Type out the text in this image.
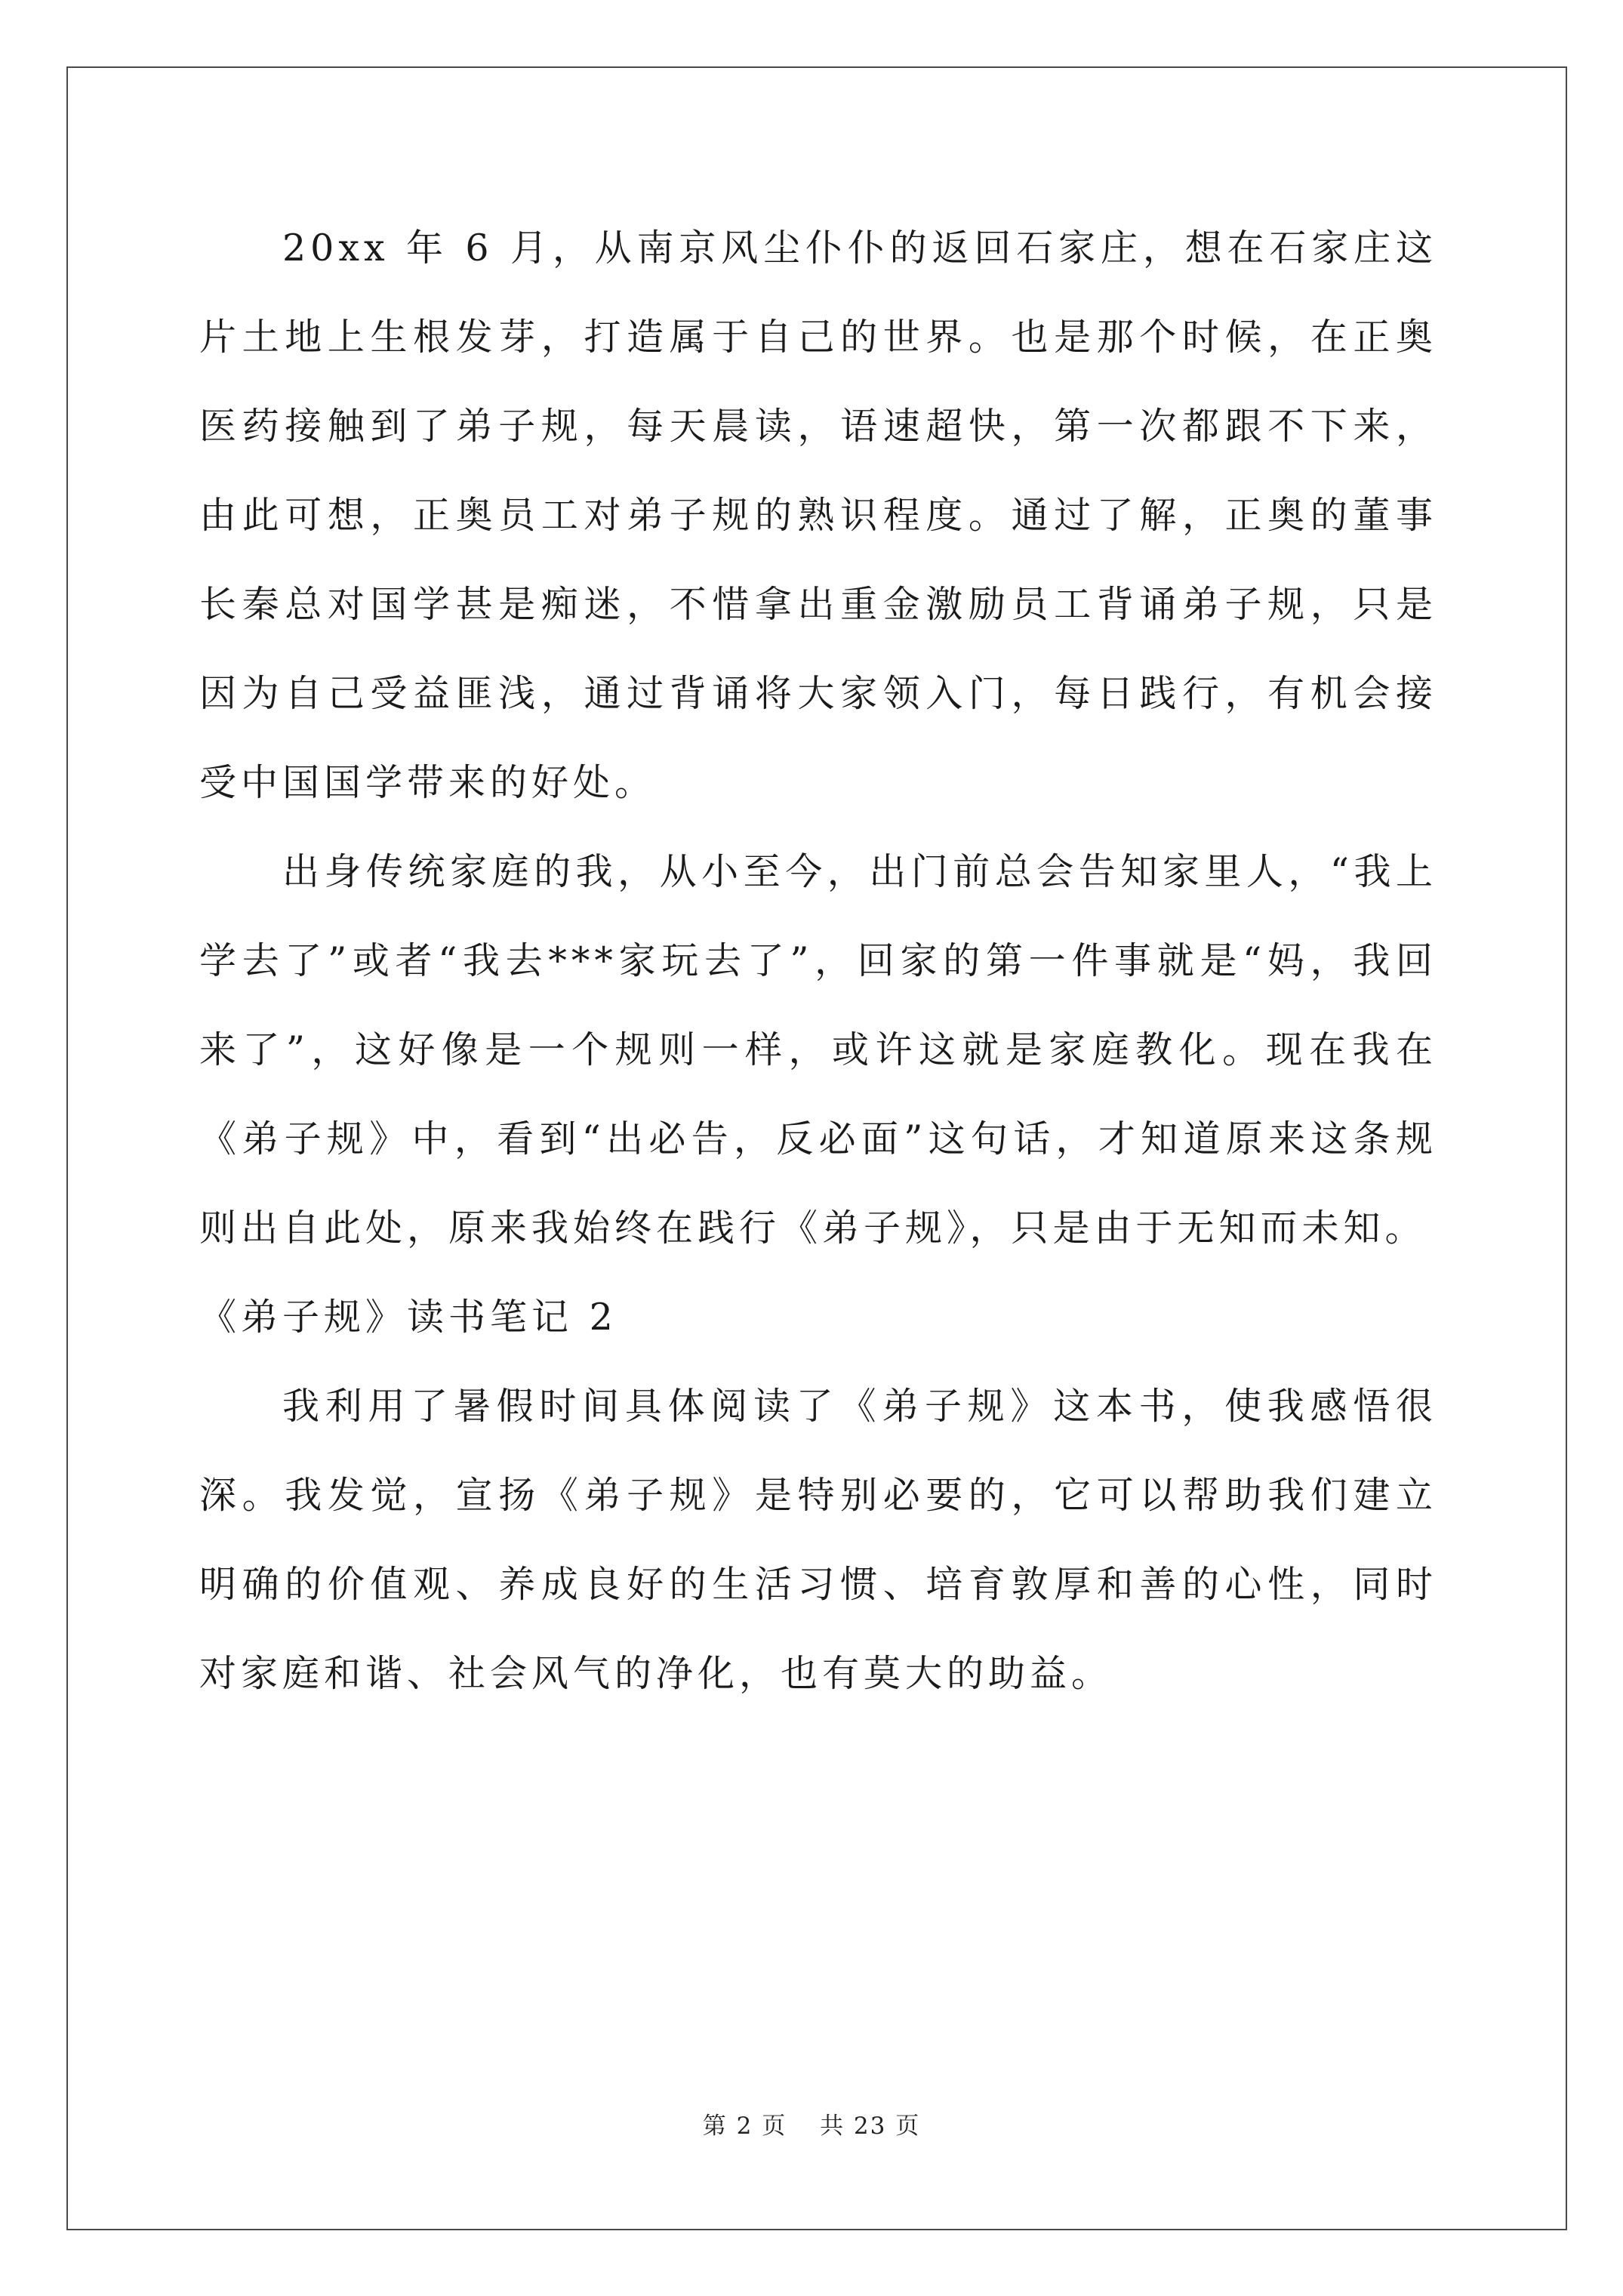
20xx 年 6 月，从南京风尘仆仆的返回石家庄，想在石家庄这片土地上生根发芽，打造属于自己的世界。也是那个时候，在正奥医药接触到了弟子规，每天晨读，语速超快，第一次都跟不下来，由此可想，正奥员工对弟子规的熟识程度。通过了解，正奥的董事长秦总对国学甚是痴迷，不惜拿出重金激励员工背诵弟子规，只是因为自己受益匪浅，通过背诵将大家领入门，每日践行，有机会接受中国国学带来的好处。

出身传统家庭的我，从小至今，出门前总会告知家里人，“我上学去了”或者“我去***家玩去了”，回家的第一件事就是“妈，我回来了”，这好像是一个规则一样，或许这就是家庭教化。现在我在《弟子规》中，看到“出必告，反必面”这句话，才知道原来这条规则出自此处，原来我始终在践行《弟子规》，只是由于无知而未知。

《弟子规》读书笔记 2

我利用了暑假时间具体阅读了《弟子规》这本书，使我感悟很深。我发觉，宣扬《弟子规》是特别必要的，它可以帮助我们建立明确的价值观、养成良好的生活习惯、培育敦厚和善的心性，同时对家庭和谐、社会风气的净化，也有莫大的助益。

第 2 页 共 23 页
